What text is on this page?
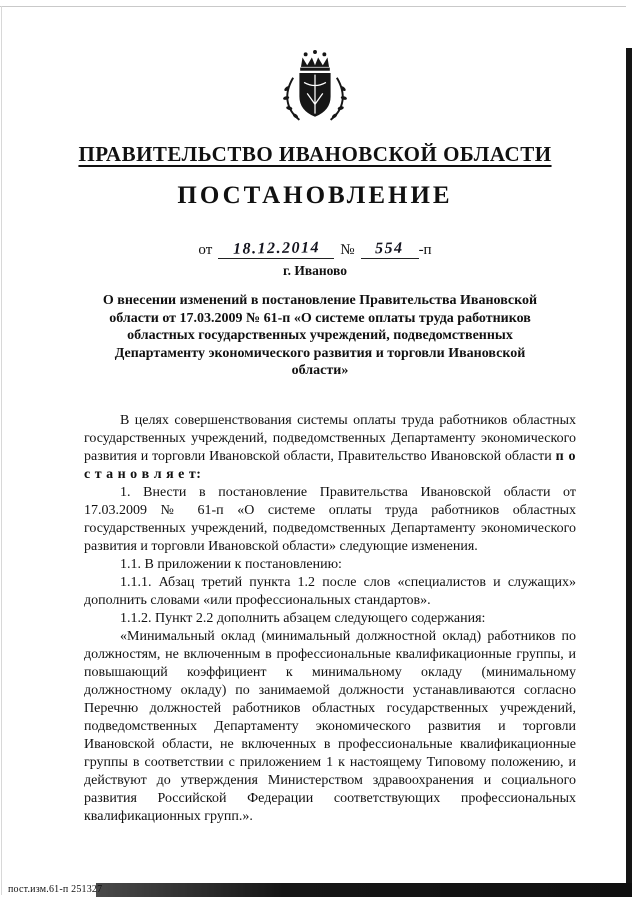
ПРАВИТЕЛЬСТВО ИВАНОВСКОЙ ОБЛАСТИ
ПОСТАНОВЛЕНИЕ
от 18.12.2014 № 554 -п
г. Иваново
О внесении изменений в постановление Правительства Ивановской области от 17.03.2009 № 61-п «О системе оплаты труда работников областных государственных учреждений, подведомственных Департаменту экономического развития и торговли Ивановской области»

В целях совершенствования системы оплаты труда работников областных государственных учреждений, подведомственных Департаменту экономического развития и торговли Ивановской области, Правительство Ивановской области п о с т а н о в л я е т:

1. Внести в постановление Правительства Ивановской области от 17.03.2009 № 61-п «О системе оплаты труда работников областных государственных учреждений, подведомственных Департаменту экономического развития и торговли Ивановской области» следующие изменения.

1.1. В приложении к постановлению:

1.1.1. Абзац третий пункта 1.2 после слов «специалистов и служащих» дополнить словами «или профессиональных стандартов».

1.1.2. Пункт 2.2 дополнить абзацем следующего содержания:

«Минимальный оклад (минимальный должностной оклад) работников по должностям, не включенным в профессиональные квалификационные группы, и повышающий коэффициент к минимальному окладу (минимальному должностному окладу) по занимаемой должности устанавливаются согласно Перечню должностей работников областных государственных учреждений, подведомственных Департаменту экономического развития и торговли Ивановской области, не включенных в профессиональные квалификационные группы в соответствии с приложением 1 к настоящему Типовому положению, и действуют до утверждения Министерством здравоохранения и социального развития Российской Федерации соответствующих профессиональных квалификационных групп.».

пост.изм.61-п 251327
